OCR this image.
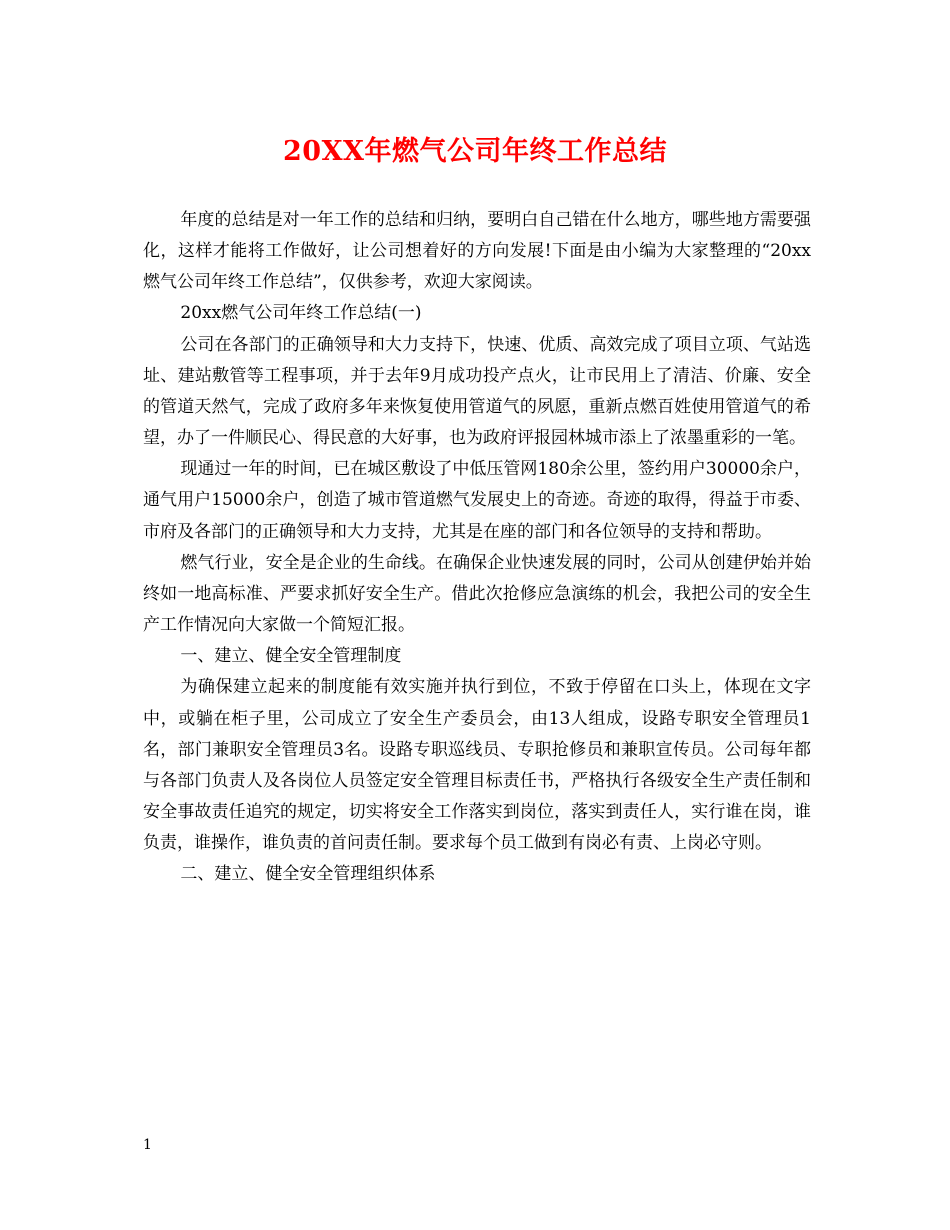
20XX年燃气公司年终工作总结

年度的总结是对一年工作的总结和归纳，要明白自己错在什么地方，哪些地方需要强化，这样才能将工作做好，让公司想着好的方向发展!下面是由小编为大家整理的“20xx燃气公司年终工作总结”，仅供参考，欢迎大家阅读。

20xx燃气公司年终工作总结(一)

公司在各部门的正确领导和大力支持下，快速、优质、高效完成了项目立项、气站选址、建站敷管等工程事项，并于去年9月成功投产点火，让市民用上了清洁、价廉、安全的管道天然气，完成了政府多年来恢复使用管道气的夙愿，重新点燃百姓使用管道气的希望，办了一件顺民心、得民意的大好事，也为政府评报园林城市添上了浓墨重彩的一笔。

现通过一年的时间，已在城区敷设了中低压管网180余公里，签约用户30000余户，通气用户15000余户，创造了城市管道燃气发展史上的奇迹。奇迹的取得，得益于市委、市府及各部门的正确领导和大力支持，尤其是在座的部门和各位领导的支持和帮助。

燃气行业，安全是企业的生命线。在确保企业快速发展的同时，公司从创建伊始并始终如一地高标准、严要求抓好安全生产。借此次抢修应急演练的机会，我把公司的安全生产工作情况向大家做一个简短汇报。

一、建立、健全安全管理制度

为确保建立起来的制度能有效实施并执行到位，不致于停留在口头上，体现在文字中，或躺在柜子里，公司成立了安全生产委员会，由13人组成，设路专职安全管理员1名，部门兼职安全管理员3名。设路专职巡线员、专职抢修员和兼职宣传员。公司每年都与各部门负责人及各岗位人员签定安全管理目标责任书，严格执行各级安全生产责任制和安全事故责任追究的规定，切实将安全工作落实到岗位，落实到责任人，实行谁在岗，谁负责，谁操作，谁负责的首问责任制。要求每个员工做到有岗必有责、上岗必守则。

二、建立、健全安全管理组织体系

1
